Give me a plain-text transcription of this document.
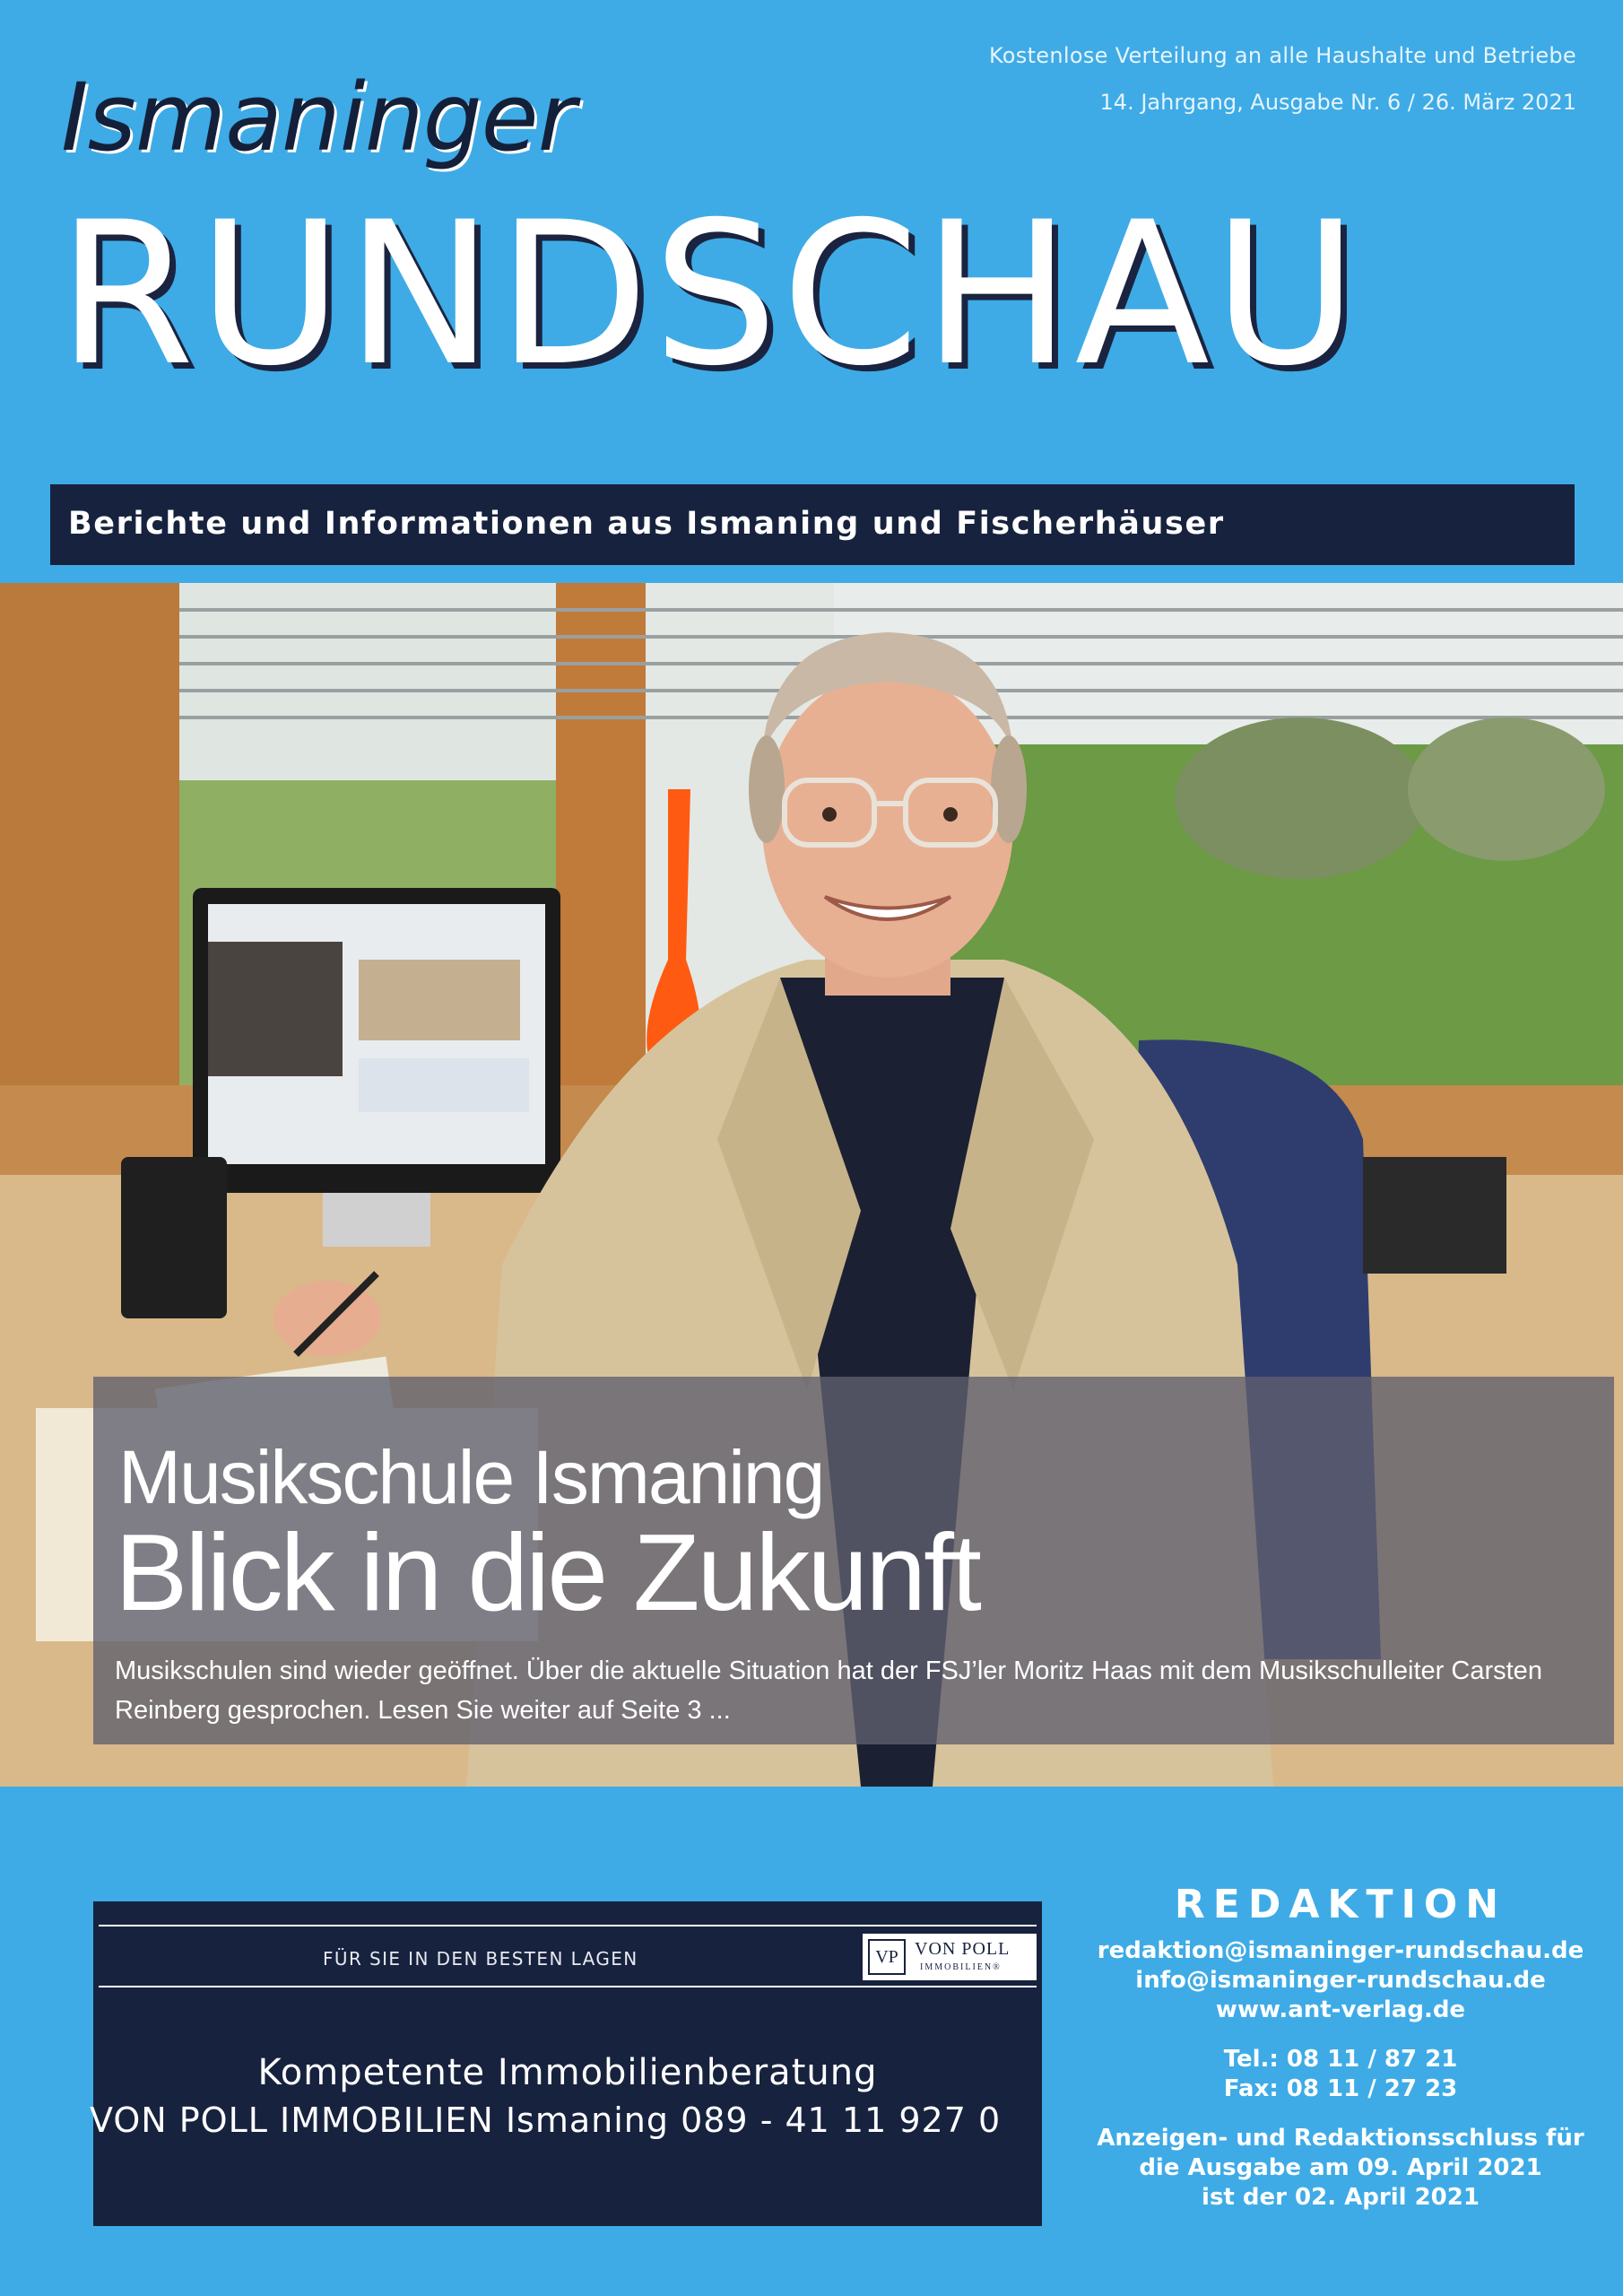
Kostenlose Verteilung an alle Haushalte und Betriebe
14. Jahrgang, Ausgabe Nr. 6 / 26. März 2021
Ismaninger
RUNDSCHAU
Berichte und Informationen aus Ismaning und Fischerhäuser
Musikschule Ismaning
Blick in die Zukunft
Musikschulen sind wieder geöffnet. Über die aktuelle Situation hat der FSJ’ler Moritz Haas mit dem Musikschulleiter Carsten Reinberg gesprochen. Lesen Sie weiter auf Seite 3 ...
FÜR SIE IN DEN BESTEN LAGEN	VP VON POLL
IMMOBILIEN®
Kompetente Immobilienberatung
VON POLL IMMOBILIEN Ismaning 089 - 41 11 927 0
REDAKTION
redaktion@ismaninger-rundschau.de
info@ismaninger-rundschau.de
www.ant-verlag.de
Tel.: 08 11 / 87 21
Fax: 08 11 / 27 23
Anzeigen- und Redaktionsschluss für
die Ausgabe am 09. April 2021
ist der 02. April 2021
